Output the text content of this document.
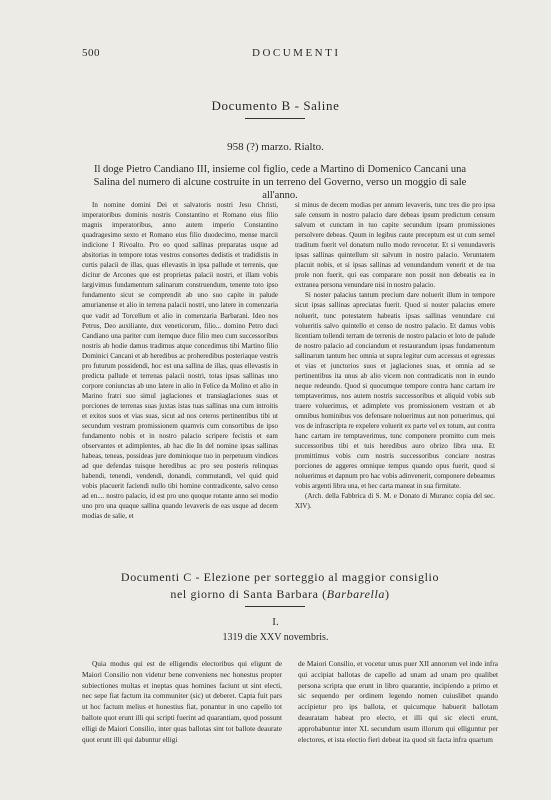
500	DOCUMENTI
Documento B - Saline
958 (?) marzo. Rialto.
Il doge Pietro Candiano III, insieme col figlio, cede a Martino di Domenico Cancani una Salina del numero di alcune costruite in un terreno del Governo, verso un moggio di sale all'anno.

In nomine domini Dei et salvatoris nostri Jesu Christi, imperatoribus dominis nostris Constantino et Romano eius filio magnis imperatoribus, anno autem imperio Constantino quadragesimo sexto et Romano eius filio duodecimo, mense marcii indicione I Rivoalto. Pro eo quod sallinas preparatas usque ad absitorias in tempore totas vestros consortes dedistis et tradidistis in curtis palacii de illas, quas ellevastis in ipsa pallude et terrenis, que dicitur de Arcones que est proprietas palacii nostri, et illam vobis largivimus fundamentum salinarum construendum, tenente toto ipso fundamento sicut se comprendit ab uno suo capite in palude amurianense et alio in terrena palacii nostri, uno latere in comenzaria que vadit ad Torcellum et alio in comenzaria Barbarani. Ideo nos Petrus, Deo auxiliante, dux veneticorum, filio... domino Petro duci Candiano una pariter cum itemque duce filio meo cum successoribus nostris ab hodie damus tradimus atque concedimus tibi Martino filio Dominici Cancani et ab heredibus ac proheredibus posteriaque vestris pro futurum possidendi, hoc est una sallina de illas, quas ellevastis in predicta pallude et terrenas palacii nostri, totas ipsas sallinas uno corpore coniunctas ab uno latere in alio in Felice da Molino et alio in Marino fratri suo simul jaglaciones et transiaglaciones suas et porciones de terrenas suas juxtas istas tuas sallinas una cum introitis et exitos suos et vias suas, sicut ad nos ceteros pertinentibus tibi ut secundum vestram promissionem quamvis cum consortibus de ipso fundamento nobis et in nostro palacio scripere fecistis et eam observantes et adimplentes, ab hac die In del nomine ipsas sallinas habeas, teneas, possideas jure dominioque tuo in perpetuum vindices ad que defendas tuisque heredibus ac pro seu posteris relinquas habendi, tenendi, vendendi, donandi, commutandi, vel quid quid vobis placuerit faciendi nullo tibi homine contradicente, salvo censo ad en.... nostro palacio, id est pro uno quoque rotante anno sei modio uno pro una quaque sallina quando levaveris de eas usque ad decem modias de salie, et

si minus de decem modias per annum levaveris, tunc tres die pro ipsa sale censum in nostro palacio dare debeas ipsum predictum censum salvum et cunctam in tuo capite secundum ipsam promissiones persolvere debeas. Quum in legibus caute preceptum est ut cum semel traditum fuerit vel donatum nullo modo revocetur. Et si venundaveris ipsas sallinas quintellum sit salvum in nostro palacio. Veruntatem placuit nobis, et si ipsas sallinas ad venundandum venerit et de tua prole non fuerit, qui eas comparare non possit non debeatis ea in extranea persona venundare nisi in nostro palacio.

Si noster palacius tantum precium dare noluerit illum in tempore sicut ipsas sallinas apreciatas fuerit. Quod si noster palacius emere noluerit, tunc potestatem habeatis ipsas sallinas venundare cui volueritis salvo quintello et censo de nostro palacio. Et damus vobis licentiam tollendi terram de terrenis de nostro palacio et loto de palude de nostro palacio ad conciandum et restaurandum ipsas fundamentum sallinarum tantum hec omnia ut supra legitur cum accessus et egressus et vias et junctorios suos et jaglaciones suas, et omnia ad se pertinentibus ita unus ab alio vicem non contradicatis non in eundo neque redeundo. Quod si quocumque tempore contra hanc cartam ire temptaverimus, nos autem nostris successoribus et aliquid vobis sub traere voluerimus, et adimplete vos promissionem vestram et ab omnibus hominibus vos defensare noluerimus aut non potuerimus, qui vos de infrascripta re expelere voluerit ex parte vel ex totum, aut contra hanc cartam ire temptaverimus, tunc componere promitto cum meis successoribus tibi et tuis heredibus auro obrizo libra una. Et promittimus vobis cum nostris successoribus conciare nostras porciones de aggeres omnique tempus quando opus fuerit, quod si noluerimus et dapnum pro hac vobis adinvenerit, componere debeamus vobis argenti libra una, et hec carta maneat in sua firmitate.

(Arch. della Fabbrica di S. M. e Donato di Murano: copia del sec. XIV).

Documenti C - Elezione per sorteggio al maggior consiglio
nel giorno di Santa Barbara (Barbarella)
I.
1319 die XXV novembris.

Quia modus qui est de elligendis electoribus qui eligunt de Maiori Consilio non videtur bene conveniens nec honestus propter subiectiones multas et ineptas quas homines faciunt ut sint electi, nec sepe fiat factum ita communiter (sic) ut deberet. Capta fuit pars ut hoc factum melius et honestius fiat, ponantur in uno capello tot ballote quot erunt illi qui scripti fuerint ad quarantiam, quod possunt elligi de Maiori Consilio, inter quas ballotas sint tot ballote deaurate quot erunt illi qui dabuntur elligi

de Maiori Consilio, et vocetur unus puer XII annorum vel inde infra qui accipiat ballotas de capello ad unam ad unam pro qualibet persona scripta que erunt in libro quarantie, incipiendo a primo et sic sequendo per ordinem legendo nomen cuiuslibet quando accipietur pro ips ballota, et quicumque habuerit ballotam deauratam habeat pro electo, et illi qui sic electi erunt, approbabuntur inter XL secundum usum illorum qui elliguntur per electores, et ista electio fieri debeat ita quod sit facta infra quartum
